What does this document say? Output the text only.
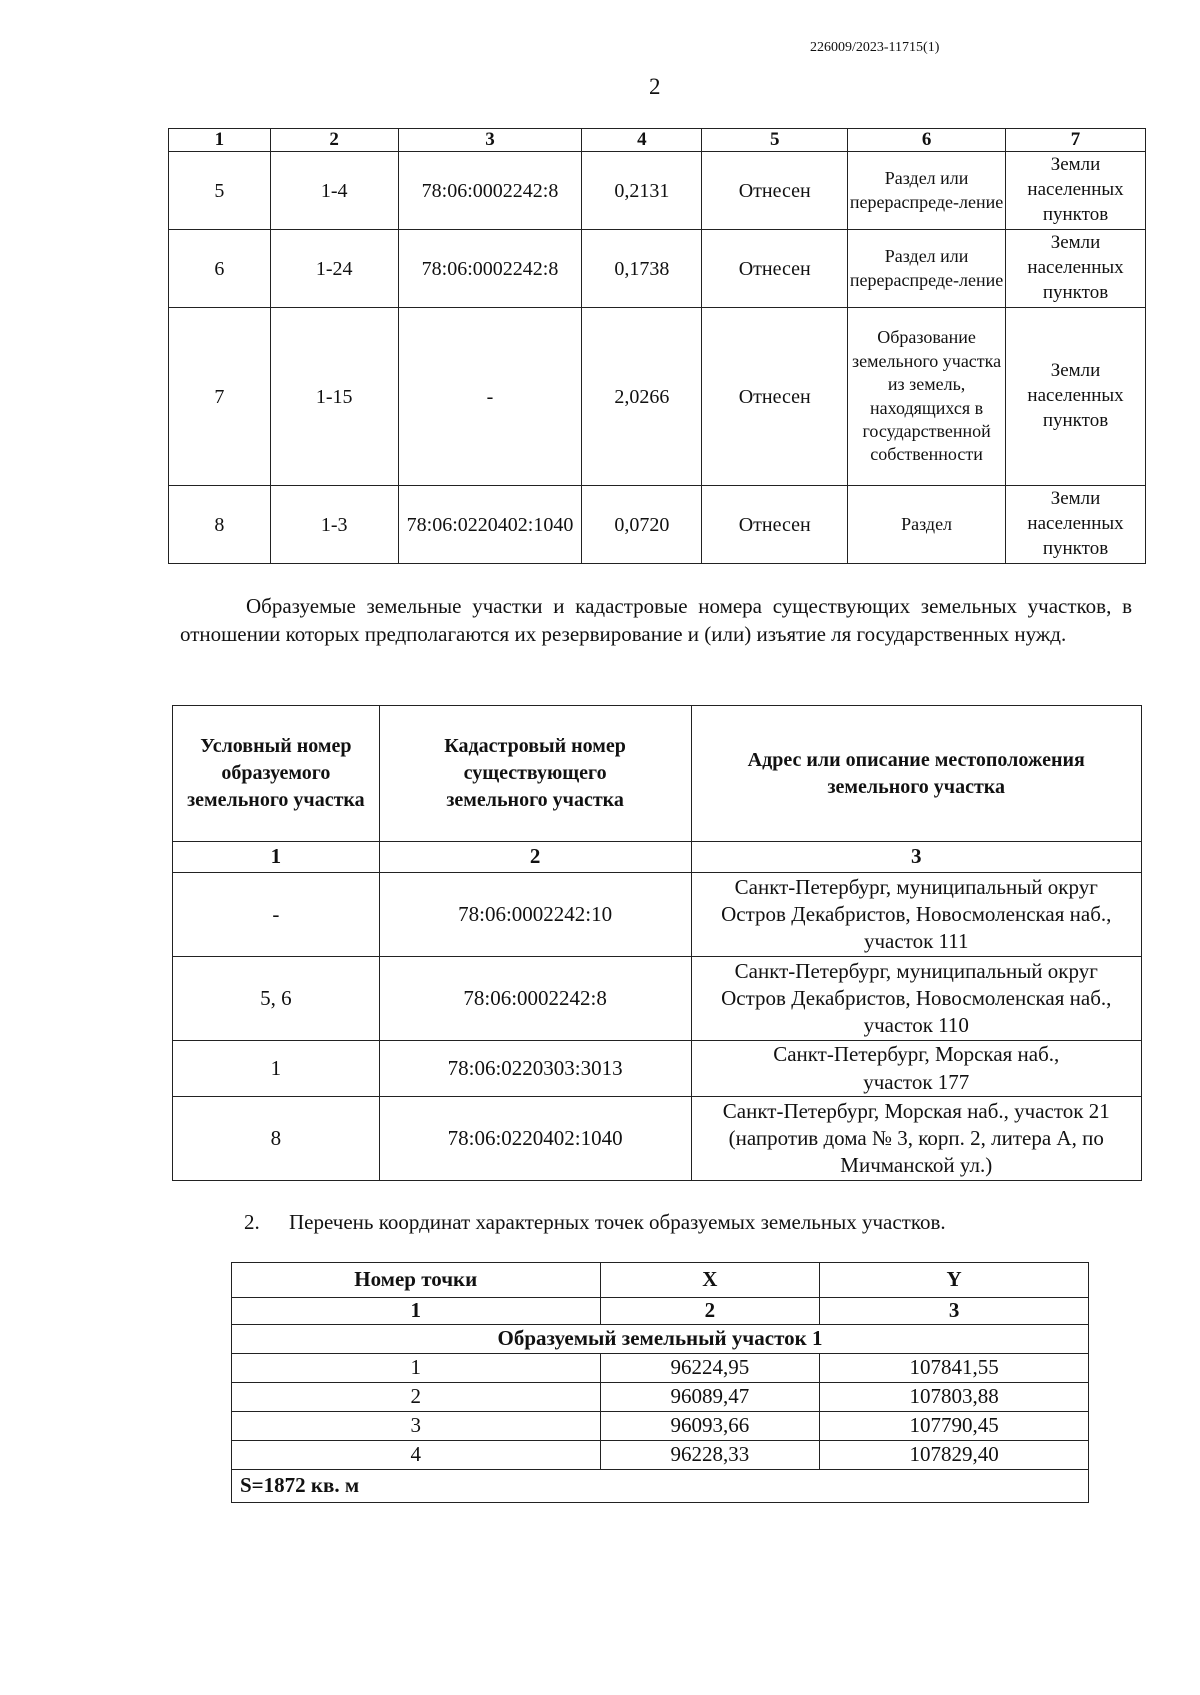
226009/2023-11715(1)
2
1	2	3	4	5	6	7
5	1-4	78:06:0002242:8	0,2131	Отнесен	Раздел или перераспреде-ление	Земли населенных пунктов
6	1-24	78:06:0002242:8	0,1738	Отнесен	Раздел или перераспреде-ление	Земли населенных пунктов
7	1-15	-	2,0266	Отнесен	Образование земельного участка из земель, находящихся в государственной собственности	Земли населенных пунктов
8	1-3	78:06:0220402:1040	0,0720	Отнесен	Раздел	Земли населенных пунктов
Образуемые земельные участки и кадастровые номера существующих земельных участков, в отношении которых предполагаются их резервирование и (или) изъятие ля государственных нужд.
Условный номер образуемого земельного участка	Кадастровый номер существующего земельного участка	Адрес или описание местоположения земельного участка
1	2	3
-	78:06:0002242:10	Санкт-Петербург, муниципальный округ Остров Декабристов, Новосмоленская наб., участок 111
5, 6	78:06:0002242:8	Санкт-Петербург, муниципальный округ Остров Декабристов, Новосмоленская наб., участок 110
1	78:06:0220303:3013	Санкт-Петербург, Морская наб., участок 177
8	78:06:0220402:1040	Санкт-Петербург, Морская наб., участок 21 (напротив дома № 3, корп. 2, литера А, по Мичманской ул.)
2. Перечень координат характерных точек образуемых земельных участков.
Номер точки	X	Y
1	2	3
Образуемый земельный участок 1		
1	96224,95	107841,55
2	96089,47	107803,88
3	96093,66	107790,45
4	96228,33	107829,40
S=1872 кв. м		
